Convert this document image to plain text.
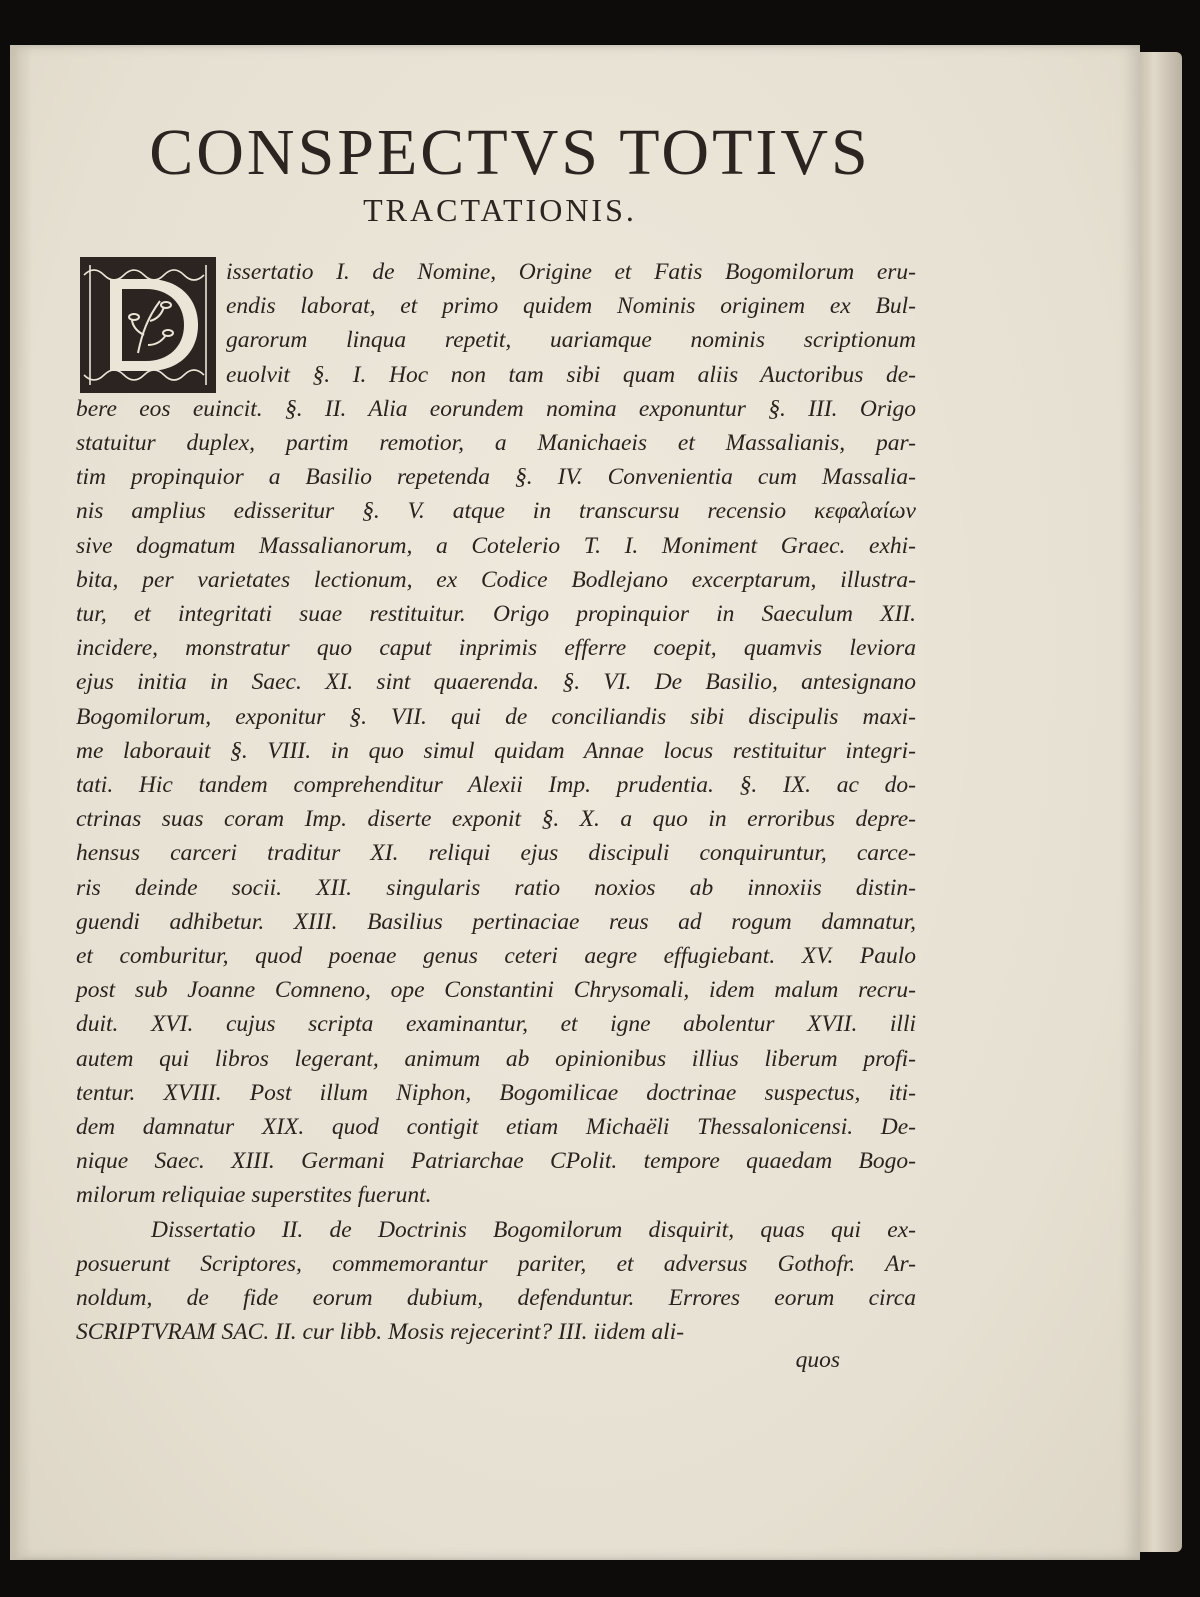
CONSPECTVS TOTIVS
TRACTATIONIS.
issertatio I. de Nomine, Origine et Fatis Bogomilorum eru-
endis laborat, et primo quidem Nominis originem ex Bul-
garorum linqua repetit, uariamque nominis scriptionum
euolvit §. I. Hoc non tam sibi quam aliis Auctoribus de-
bere eos euincit. §. II. Alia eorundem nomina exponuntur §. III. Origo
statuitur duplex, partim remotior, a Manichaeis et Massalianis, par-
tim propinquior a Basilio repetenda §. IV. Convenientia cum Massalia-
nis amplius edisseritur §. V. atque in transcursu recensio κεφαλαίων
sive dogmatum Massalianorum, a Cotelerio T. I. Moniment Graec. exhi-
bita, per varietates lectionum, ex Codice Bodlejano excerptarum, illustra-
tur, et integritati suae restituitur. Origo propinquior in Saeculum XII.
incidere, monstratur quo caput inprimis efferre coepit, quamvis leviora
ejus initia in Saec. XI. sint quaerenda. §. VI. De Basilio, antesignano
Bogomilorum, exponitur §. VII. qui de conciliandis sibi discipulis maxi-
me laborauit §. VIII. in quo simul quidam Annae locus restituitur integri-
tati. Hic tandem comprehenditur Alexii Imp. prudentia. §. IX. ac do-
ctrinas suas coram Imp. diserte exponit §. X. a quo in erroribus depre-
hensus carceri traditur XI. reliqui ejus discipuli conquiruntur, carce-
ris deinde socii. XII. singularis ratio noxios ab innoxiis distin-
guendi adhibetur. XIII. Basilius pertinaciae reus ad rogum damnatur,
et comburitur, quod poenae genus ceteri aegre effugiebant. XV. Paulo
post sub Joanne Comneno, ope Constantini Chrysomali, idem malum recru-
duit. XVI. cujus scripta examinantur, et igne abolentur XVII. illi
autem qui libros legerant, animum ab opinionibus illius liberum profi-
tentur. XVIII. Post illum Niphon, Bogomilicae doctrinae suspectus, iti-
dem damnatur XIX. quod contigit etiam Michaëli Thessalonicensi. De-
nique Saec. XIII. Germani Patriarchae CPolit. tempore quaedam Bogo-
milorum reliquiae superstites fuerunt.
Dissertatio II. de Doctrinis Bogomilorum disquirit, quas qui ex-
posuerunt Scriptores, commemorantur pariter, et adversus Gothofr. Ar-
noldum, de fide eorum dubium, defenduntur. Errores eorum circa
SCRIPTVRAM SAC. II. cur libb. Mosis rejecerint? III. iidem ali-
quos
